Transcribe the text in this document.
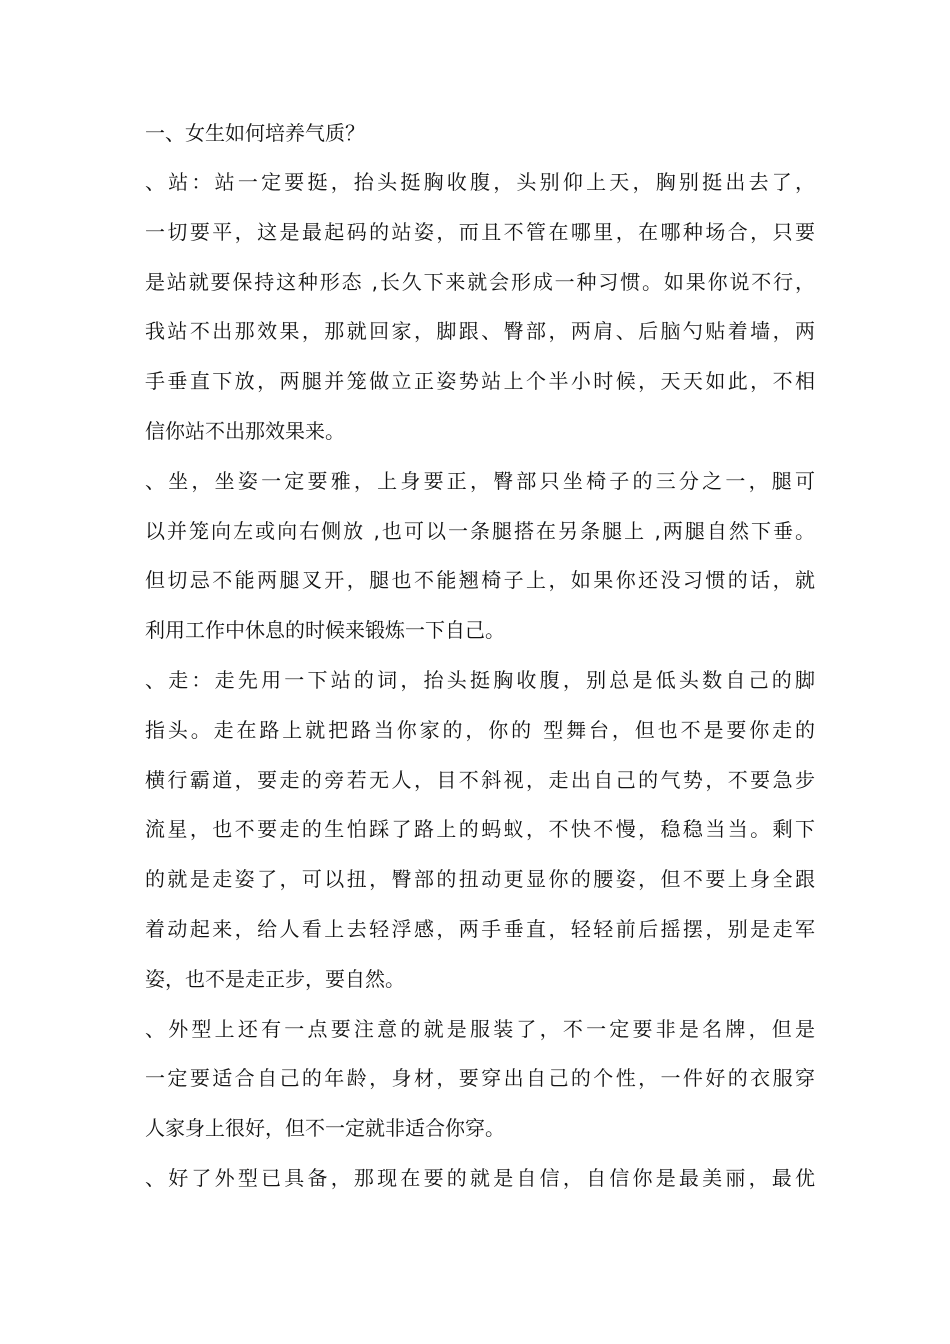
一、女生如何培养气质？
、站：站一定要挺，抬头挺胸收腹，头别仰上天，胸别挺出去了，
一切要平，这是最起码的站姿，而且不管在哪里，在哪种场合，只要
是站就要保持这种形态 ,长久下来就会形成一种习惯。如果你说不行，
我站不出那效果，那就回家，脚跟、臀部，两肩、后脑勺贴着墙，两
手垂直下放，两腿并笼做立正姿势站上个半小时候，天天如此，不相
信你站不出那效果来。
、坐，坐姿一定要雅，上身要正，臀部只坐椅子的三分之一，腿可
以并笼向左或向右侧放 ,也可以一条腿搭在另条腿上 ,两腿自然下垂。
但切忌不能两腿叉开，腿也不能翘椅子上，如果你还没习惯的话，就
利用工作中休息的时候来锻炼一下自己。
、走：走先用一下站的词，抬头挺胸收腹，别总是低头数自己的脚
指头。走在路上就把路当你家的，你的 型舞台，但也不是要你走的
横行霸道，要走的旁若无人，目不斜视，走出自己的气势，不要急步
流星，也不要走的生怕踩了路上的蚂蚁，不快不慢，稳稳当当。剩下
的就是走姿了，可以扭，臀部的扭动更显你的腰姿，但不要上身全跟
着动起来，给人看上去轻浮感，两手垂直，轻轻前后摇摆，别是走军
姿，也不是走正步，要自然。
、外型上还有一点要注意的就是服装了，不一定要非是名牌，但是
一定要适合自己的年龄，身材，要穿出自己的个性，一件好的衣服穿
人家身上很好，但不一定就非适合你穿。
、好了外型已具备，那现在要的就是自信，自信你是最美丽，最优
